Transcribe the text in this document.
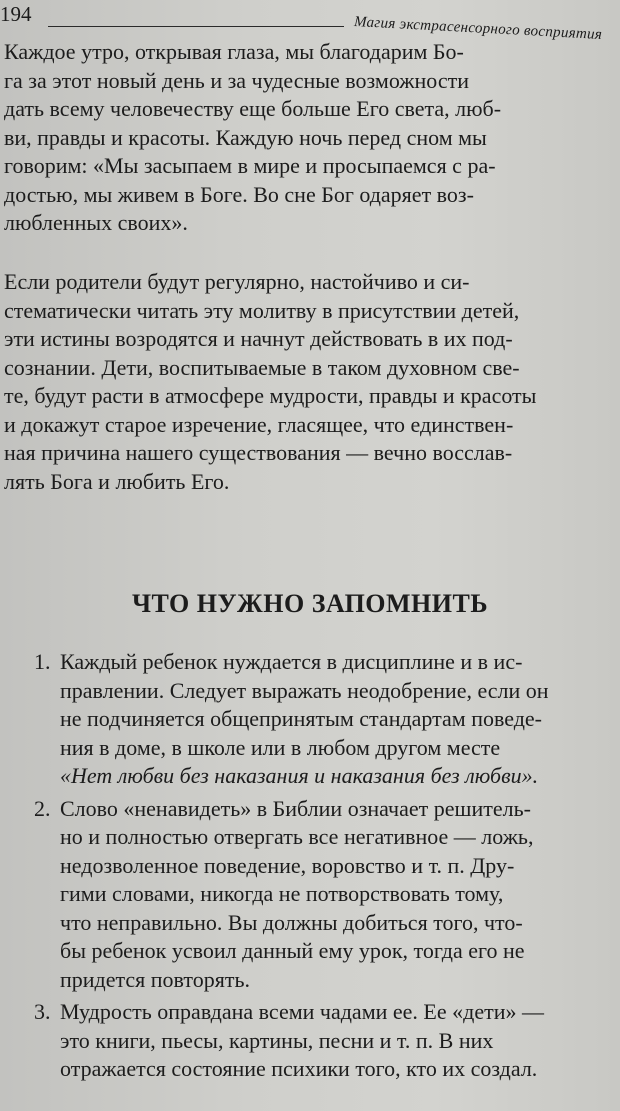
194
Магия экстрасенсорного восприятия

Каждое утро, открывая глаза, мы благодарим Бо-
га за этот новый день и за чудесные возможности
дать всему человечеству еще больше Его света, люб-
ви, правды и красоты. Каждую ночь перед сном мы
говорим: «Мы засыпаем в мире и просыпаемся с ра-
достью, мы живем в Боге. Во сне Бог одаряет воз-
любленных своих».

Если родители будут регулярно, настойчиво и си-
стематически читать эту молитву в присутствии детей,
эти истины возродятся и начнут действовать в их под-
сознании. Дети, воспитываемые в таком духовном све-
те, будут расти в атмосфере мудрости, правды и красоты
и докажут старое изречение, гласящее, что единствен-
ная причина нашего существования — вечно восслав-
лять Бога и любить Его.

ЧТО НУЖНО ЗАПОМНИТЬ
1. Каждый ребенок нуждается в дисциплине и в ис-
правлении. Следует выражать неодобрение, если он
не подчиняется общепринятым стандартам поведе-
ния в доме, в школе или в любом другом месте
«Нет любви без наказания и наказания без любви».
2. Слово «ненавидеть» в Библии означает решитель-
но и полностью отвергать все негативное — ложь,
недозволенное поведение, воровство и т. п. Дру-
гими словами, никогда не потворствовать тому,
что неправильно. Вы должны добиться того, что-
бы ребенок усвоил данный ему урок, тогда его не
придется повторять.
3. Мудрость оправдана всеми чадами ее. Ее «дети» —
это книги, пьесы, картины, песни и т. п. В них
отражается состояние психики того, кто их создал.
